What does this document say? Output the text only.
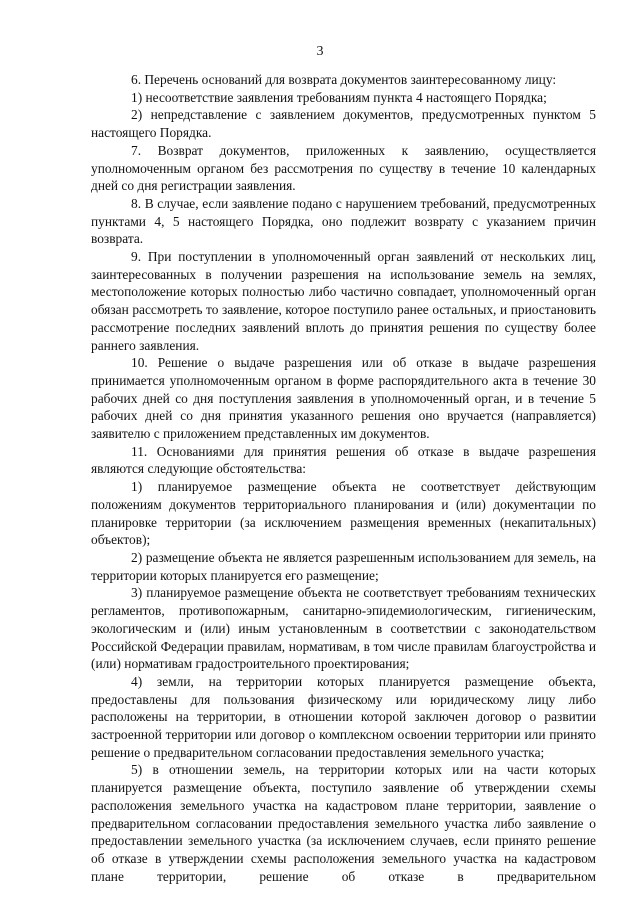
3

6. Перечень оснований для возврата документов заинтересованному лицу:

1) несоответствие заявления требованиям пункта 4 настоящего Порядка;

2) непредставление с заявлением документов, предусмотренных пунктом 5 настоящего Порядка.

7. Возврат документов, приложенных к заявлению, осуществляется уполномоченным органом без рассмотрения по существу в течение 10 календарных дней со дня регистрации заявления.

8. В случае, если заявление подано с нарушением требований, предусмотренных пунктами 4, 5 настоящего Порядка, оно подлежит возврату с указанием причин возврата.

9. При поступлении в уполномоченный орган заявлений от нескольких лиц, заинтересованных в получении разрешения на использование земель на землях, местоположение которых полностью либо частично совпадает, уполномоченный орган обязан рассмотреть то заявление, которое поступило ранее остальных, и приостановить рассмотрение последних заявлений вплоть до принятия решения по существу более раннего заявления.

10. Решение о выдаче разрешения или об отказе в выдаче разрешения принимается уполномоченным органом в форме распорядительного акта в течение 30 рабочих дней со дня поступления заявления в уполномоченный орган, и в течение 5 рабочих дней со дня принятия указанного решения оно вручается (направляется) заявителю с приложением представленных им документов.

11. Основаниями для принятия решения об отказе в выдаче разрешения являются следующие обстоятельства:

1) планируемое размещение объекта не соответствует действующим положениям документов территориального планирования и (или) документации по планировке территории (за исключением размещения временных (некапитальных) объектов);

2) размещение объекта не является разрешенным использованием для земель, на территории которых планируется его размещение;

3) планируемое размещение объекта не соответствует требованиям технических регламентов, противопожарным, санитарно-эпидемиологическим, гигиеническим, экологическим и (или) иным установленным в соответствии с законодательством Российской Федерации правилам, нормативам, в том числе правилам благоустройства и (или) нормативам градостроительного проектирования;

4) земли, на территории которых планируется размещение объекта, предоставлены для пользования физическому или юридическому лицу либо расположены на территории, в отношении которой заключен договор о развитии застроенной территории или договор о комплексном освоении территории или принято решение о предварительном согласовании предоставления земельного участка;

5) в отношении земель, на территории которых или на части которых планируется размещение объекта, поступило заявление об утверждении схемы расположения земельного участка на кадастровом плане территории, заявление о предварительном согласовании предоставления земельного участка либо заявление о предоставлении земельного участка (за исключением случаев, если принято решение об отказе в утверждении схемы расположения земельного участка на кадастровом плане территории, решение об отказе в предварительном
